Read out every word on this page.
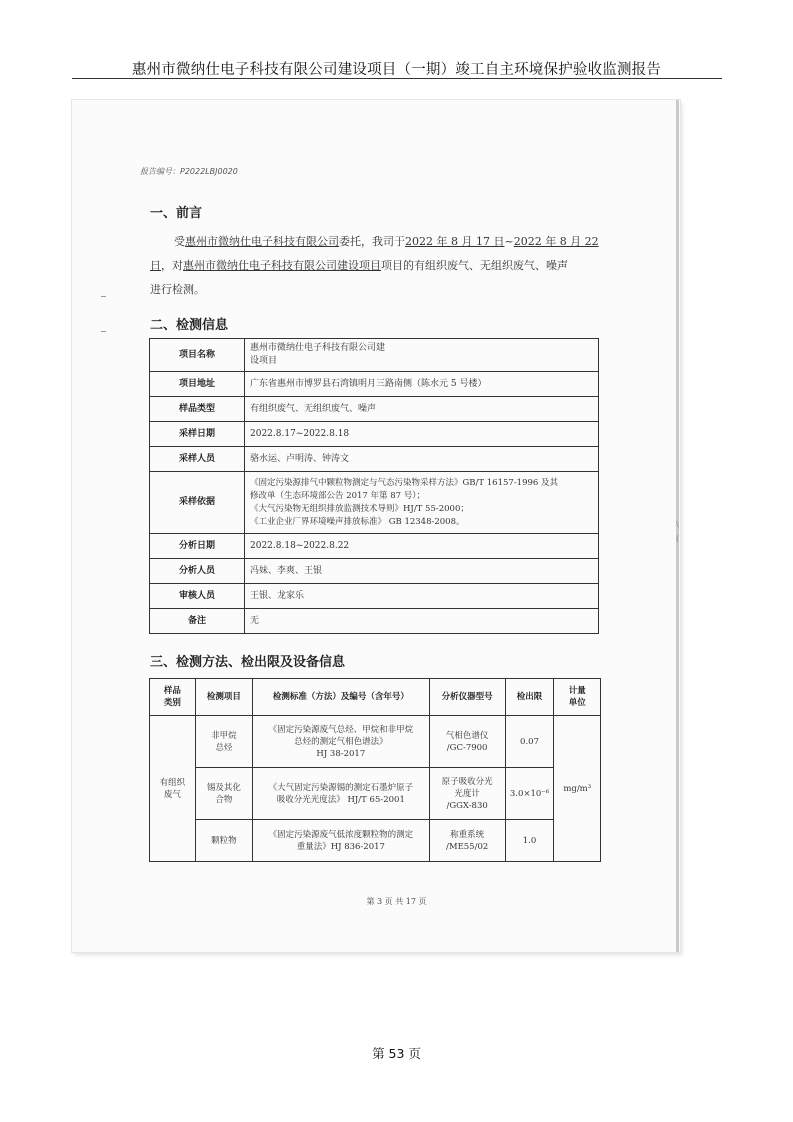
惠州市微纳仕电子科技有限公司建设项目（一期）竣工自主环境保护验收监测报告
报告编号：P2022LBJ0020
一、前言
受惠州市微纳仕电子科技有限公司委托，我司于2022 年 8 月 17 日~2022 年 8 月 22
日，对惠州市微纳仕电子科技有限公司建设项目项目的有组织废气、无组织废气、噪声
进行检测。
二、检测信息
项目名称	惠州市微纳仕电子科技有限公司建
设项目
项目地址	广东省惠州市博罗县石湾镇明月三路南侧（陈水元 5 号楼）
样品类型	有组织废气、无组织废气、噪声
采样日期	2022.8.17~2022.8.18
采样人员	骆水运、卢明涛、钟涛文
采样依据	《固定污染源排气中颗粒物测定与气态污染物采样方法》GB/T 16157-1996 及其
修改单（生态环境部公告 2017 年第 87 号）；
《大气污染物无组织排放监测技术导则》HJ/T 55-2000；
《工业企业厂界环境噪声排放标准》 GB 12348-2008。
分析日期	2022.8.18~2022.8.22
分析人员	冯妹、李爽、王银
审核人员	王银、龙家乐
备注	无
\
(
三、检测方法、检出限及设备信息
样品
类别	检测项目	检测标准（方法）及编号（含年号）	分析仪器型号	检出限	计量
单位
有组织
废气	非甲烷
总烃	《固定污染源废气总烃、甲烷和非甲烷
总烃的测定气相色谱法》
HJ 38-2017	气相色谱仪
/GC-7900	0.07	mg/m³
	锡及其化
合物	《大气固定污染源锡的测定石墨炉原子
吸收分光光度法》 HJ/T 65-2001	原子吸收分光
光度计
/GGX-830	3.0×10⁻⁶	
	颗粒物	《固定污染源废气低浓度颗粒物的测定
重量法》HJ 836-2017	称重系统
/ME55/02	1.0	
第 3 页 共 17 页
第 53 页
